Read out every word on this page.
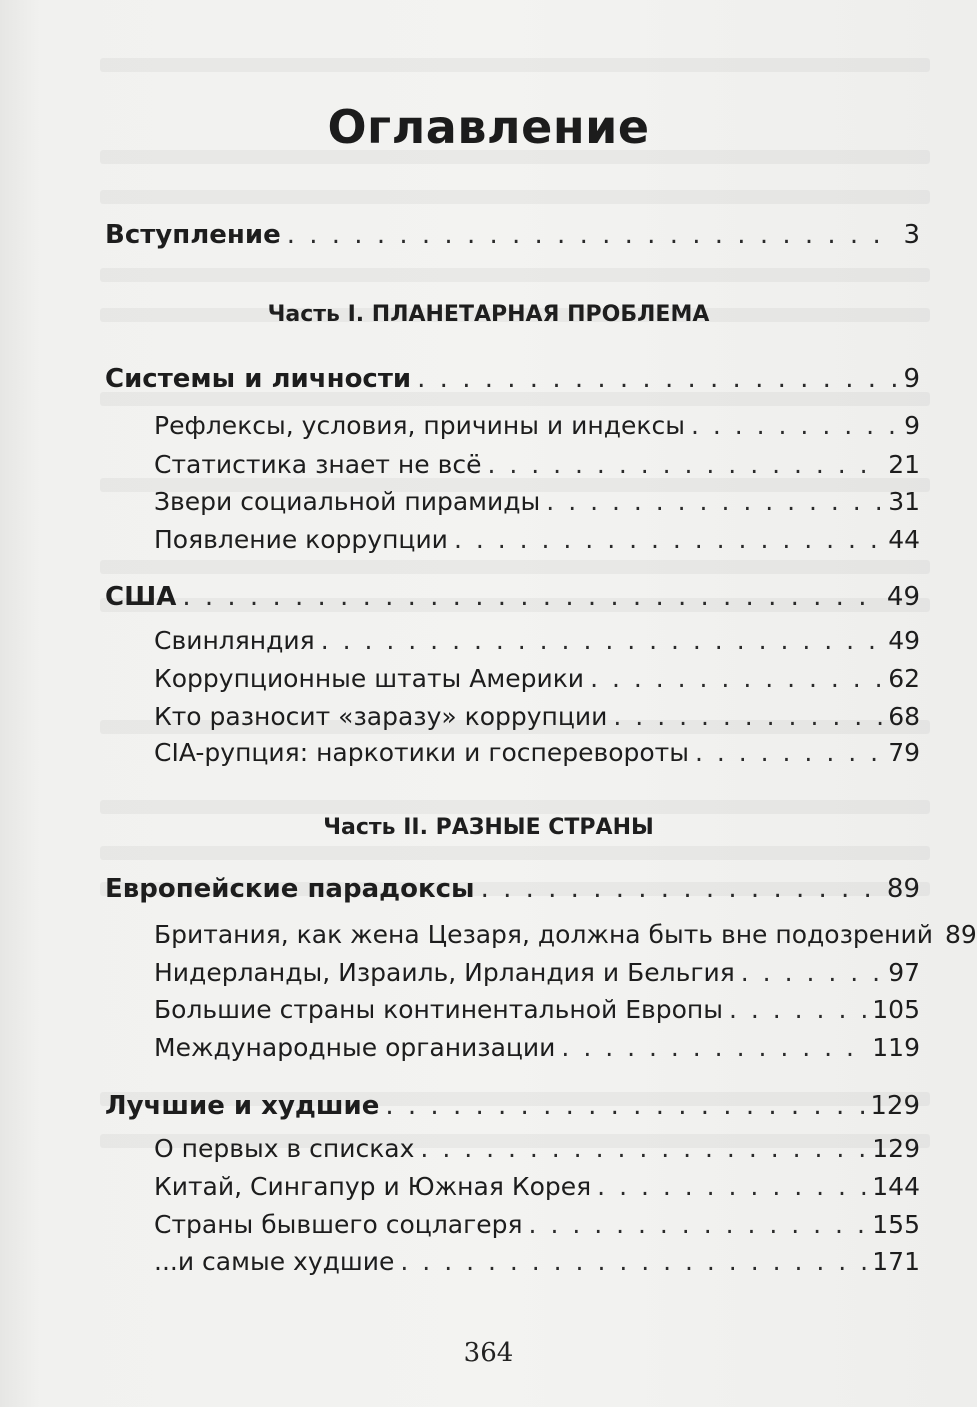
Оглавление
Вступление . . .	3
Часть I. ПЛАНЕТАРНАЯ ПРОБЛЕМА
Системы и личности . . .	9
Рефлексы, условия, причины и индексы . . .	9
Статистика знает не всё . . .	21
Звери социальной пирамиды . . .	31
Появление коррупции . . .	44
США . . .	49
Свинляндия . . .	49
Коррупционные штаты Америки . . .	62
Кто разносит «заразу» коррупции . . .	68
CIA-рупция: наркотики и госперевороты . . .	79
Часть II. РАЗНЫЕ СТРАНЫ
Европейские парадоксы . . .	89
Британия, как жена Цезаря, должна быть вне подозрений 89
Нидерланды, Израиль, Ирландия и Бельгия . . .	97
Большие страны континентальной Европы . . .	105
Международные организации . . .	119
Лучшие и худшие . . .	129
О первых в списках . . .	129
Китай, Сингапур и Южная Корея . . .	144
Страны бывшего соцлагеря . . .	155
...и самые худшие . . .	171
364
